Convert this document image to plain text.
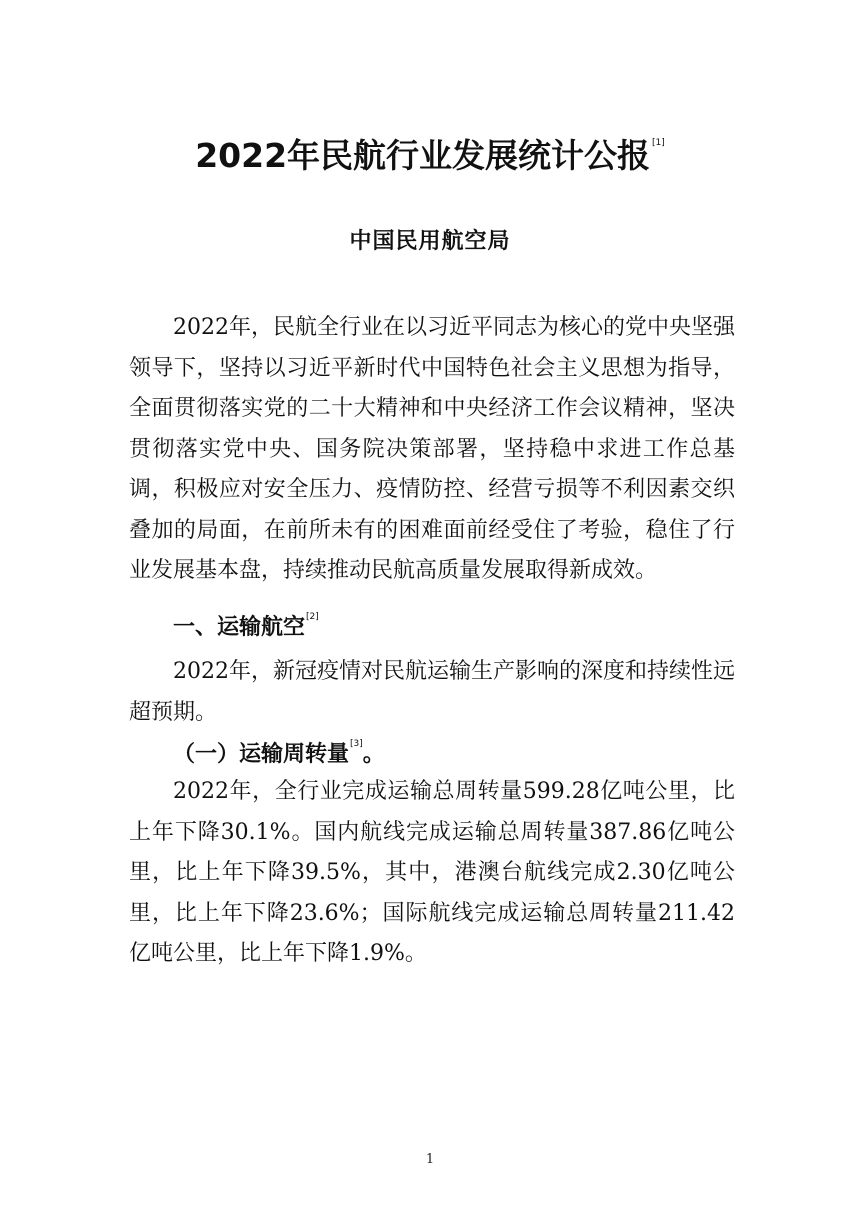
2022年民航行业发展统计公报 [1]
中国民用航空局

2022年，民航全行业在以习近平同志为核心的党中央坚强领导下，坚持以习近平新时代中国特色社会主义思想为指导，全面贯彻落实党的二十大精神和中央经济工作会议精神，坚决贯彻落实党中央、国务院决策部署，坚持稳中求进工作总基调，积极应对安全压力、疫情防控、经营亏损等不利因素交织叠加的局面，在前所未有的困难面前经受住了考验，稳住了行业发展基本盘，持续推动民航高质量发展取得新成效。

一、运输航空[2]

2022年，新冠疫情对民航运输生产影响的深度和持续性远超预期。

（一）运输周转量[3]。

2022年，全行业完成运输总周转量599.28亿吨公里，比上年下降30.1%。国内航线完成运输总周转量387.86亿吨公里，比上年下降39.5%，其中，港澳台航线完成2.30亿吨公里，比上年下降23.6%；国际航线完成运输总周转量211.42亿吨公里，比上年下降1.9%。

1
